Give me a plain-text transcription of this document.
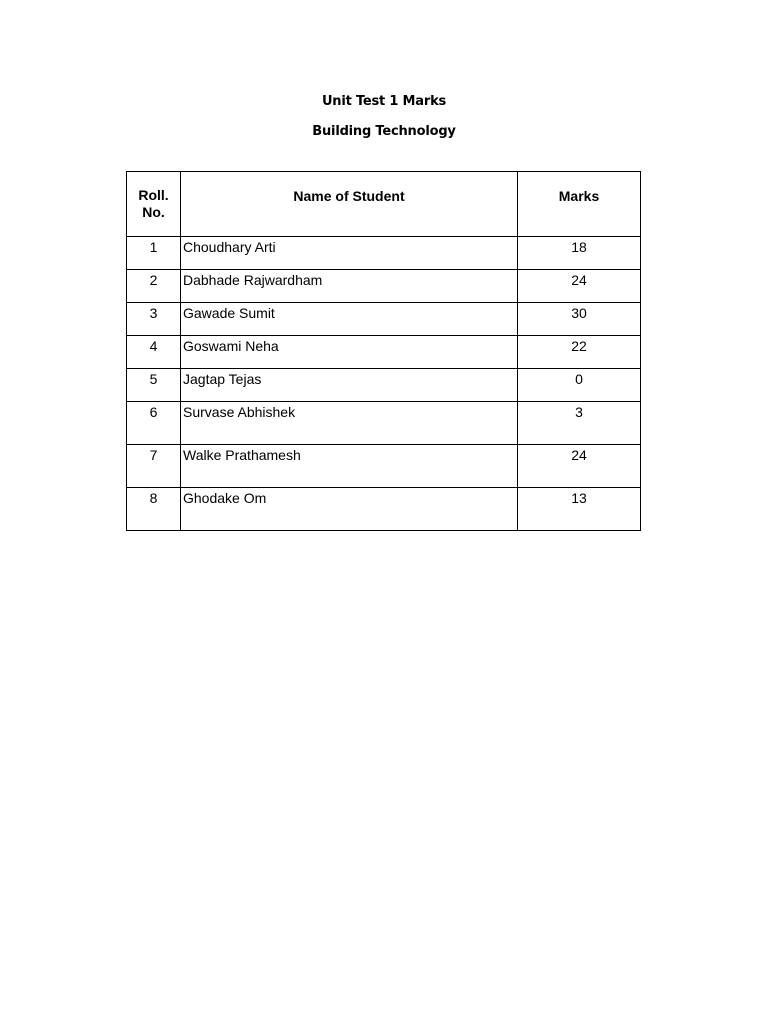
Unit Test 1 Marks
Building Technology
Roll. No.	Name of Student	Marks
1	Choudhary Arti	18
2	Dabhade Rajwardham	24
3	Gawade Sumit	30
4	Goswami Neha	22
5	Jagtap Tejas	0
6	Survase Abhishek	3
7	Walke Prathamesh	24
8	Ghodake Om	13
